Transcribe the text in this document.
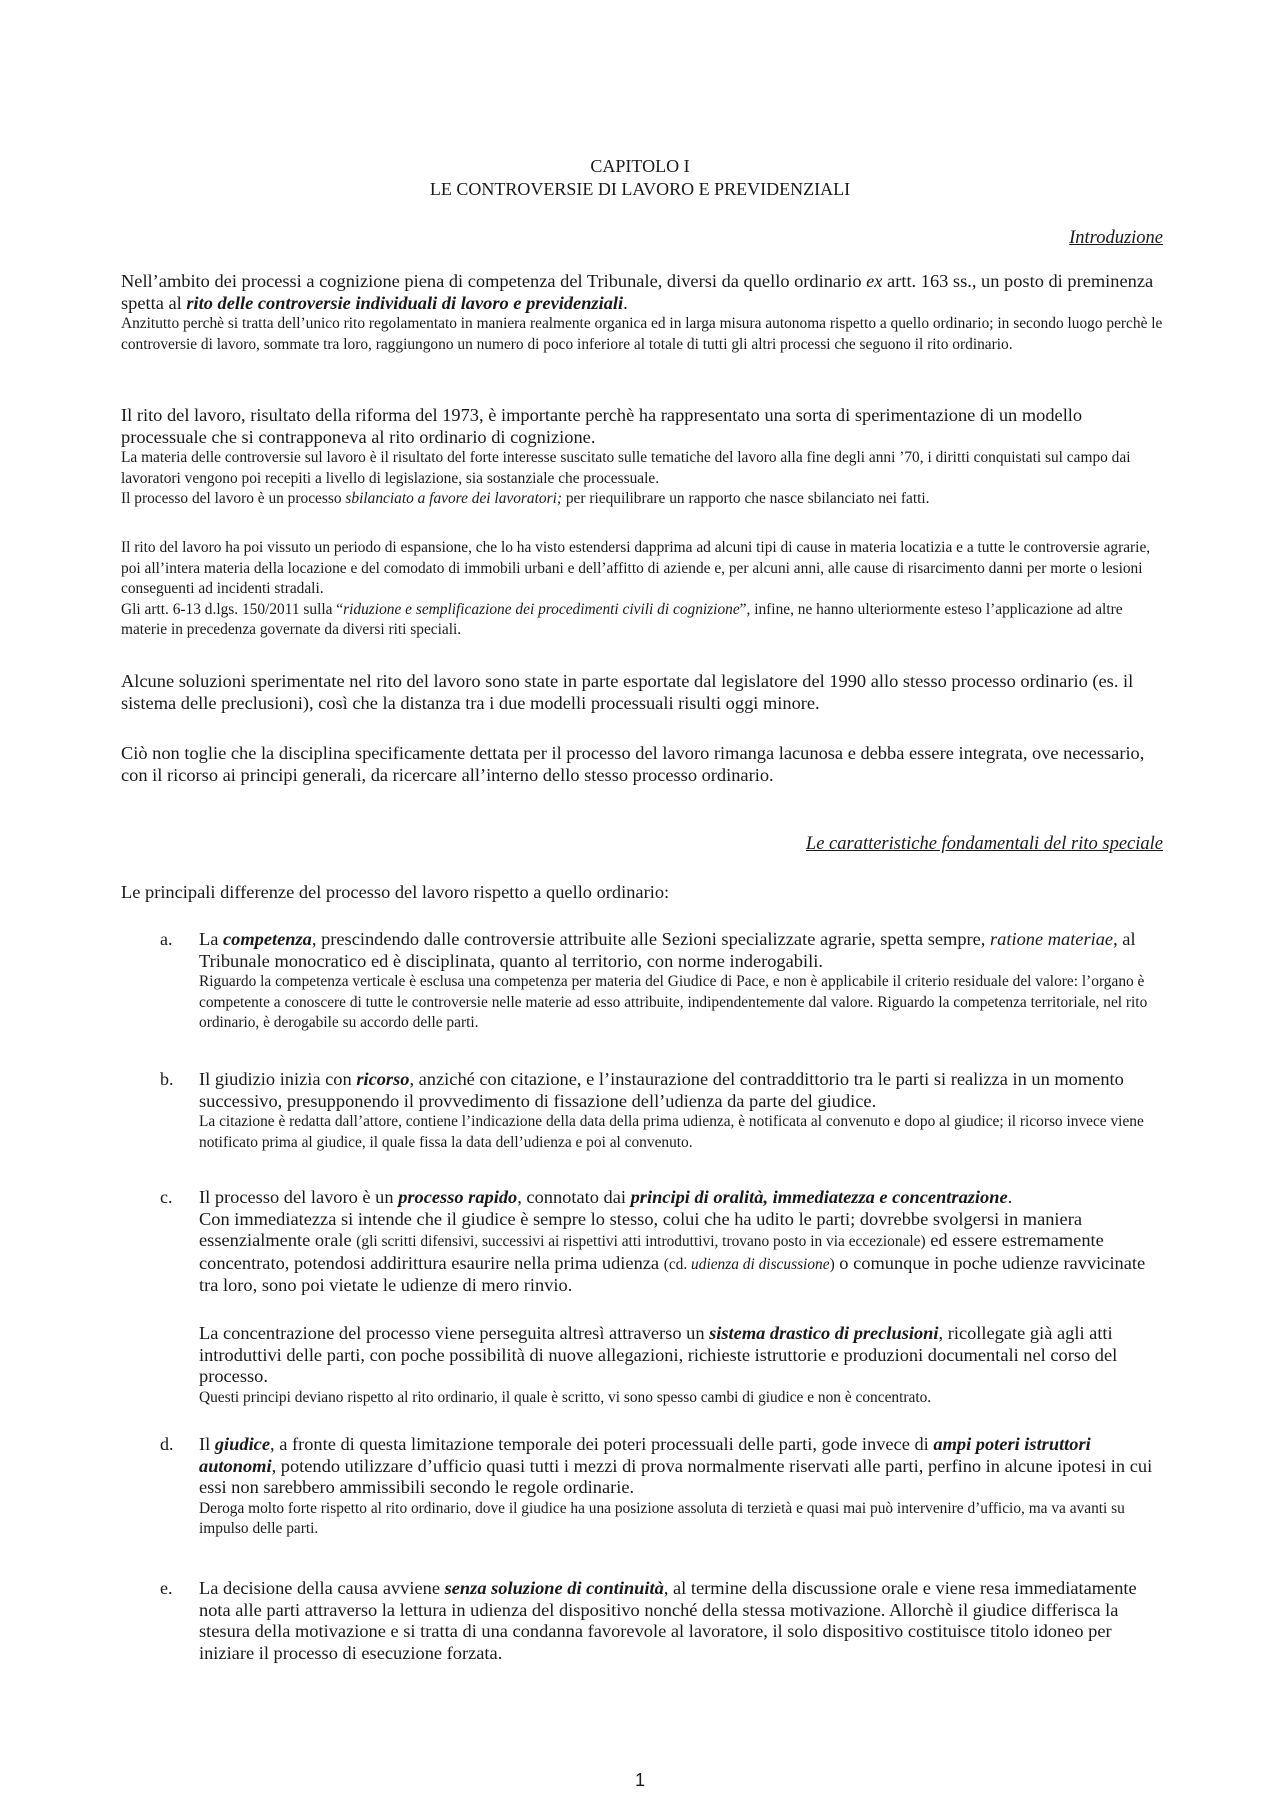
CAPITOLO I
LE CONTROVERSIE DI LAVORO E PREVIDENZIALI
Introduzione

Nell’ambito dei processi a cognizione piena di competenza del Tribunale, diversi da quello ordinario ex artt. 163 ss., un posto di preminenza spetta al rito delle controversie individuali di lavoro e previdenziali.
Anzitutto perchè si tratta dell’unico rito regolamentato in maniera realmente organica ed in larga misura autonoma rispetto a quello ordinario; in secondo luogo perchè le controversie di lavoro, sommate tra loro, raggiungono un numero di poco inferiore al totale di tutti gli altri processi che seguono il rito ordinario.

Il rito del lavoro, risultato della riforma del 1973, è importante perchè ha rappresentato una sorta di sperimentazione di un modello processuale che si contrapponeva al rito ordinario di cognizione.
La materia delle controversie sul lavoro è il risultato del forte interesse suscitato sulle tematiche del lavoro alla fine degli anni ’70, i diritti conquistati sul campo dai lavoratori vengono poi recepiti a livello di legislazione, sia sostanziale che processuale.
Il processo del lavoro è un processo sbilanciato a favore dei lavoratori; per riequilibrare un rapporto che nasce sbilanciato nei fatti.

Il rito del lavoro ha poi vissuto un periodo di espansione, che lo ha visto estendersi dapprima ad alcuni tipi di cause in materia locatizia e a tutte le controversie agrarie, poi all’intera materia della locazione e del comodato di immobili urbani e dell’affitto di aziende e, per alcuni anni, alle cause di risarcimento danni per morte o lesioni conseguenti ad incidenti stradali.
Gli artt. 6-13 d.lgs. 150/2011 sulla “riduzione e semplificazione dei procedimenti civili di cognizione”, infine, ne hanno ulteriormente esteso l’applicazione ad altre materie in precedenza governate da diversi riti speciali.

Alcune soluzioni sperimentate nel rito del lavoro sono state in parte esportate dal legislatore del 1990 allo stesso processo ordinario (es. il sistema delle preclusioni), così che la distanza tra i due modelli processuali risulti oggi minore.

Ciò non toglie che la disciplina specificamente dettata per il processo del lavoro rimanga lacunosa e debba essere integrata, ove necessario, con il ricorso ai principi generali, da ricercare all’interno dello stesso processo ordinario.

Le caratteristiche fondamentali del rito speciale

Le principali differenze del processo del lavoro rispetto a quello ordinario:

a. La competenza, prescindendo dalle controversie attribuite alle Sezioni specializzate agrarie, spetta sempre, ratione materiae, al Tribunale monocratico ed è disciplinata, quanto al territorio, con norme inderogabili.
Riguardo la competenza verticale è esclusa una competenza per materia del Giudice di Pace, e non è applicabile il criterio residuale del valore: l’organo è competente a conoscere di tutte le controversie nelle materie ad esso attribuite, indipendentemente dal valore. Riguardo la competenza territoriale, nel rito ordinario, è derogabile su accordo delle parti.

b. Il giudizio inizia con ricorso, anziché con citazione, e l’instaurazione del contraddittorio tra le parti si realizza in un momento successivo, presupponendo il provvedimento di fissazione dell’udienza da parte del giudice.
La citazione è redatta dall’attore, contiene l’indicazione della data della prima udienza, è notificata al convenuto e dopo al giudice; il ricorso invece viene notificato prima al giudice, il quale fissa la data dell’udienza e poi al convenuto.

c. Il processo del lavoro è un processo rapido, connotato dai principi di oralità, immediatezza e concentrazione.
Con immediatezza si intende che il giudice è sempre lo stesso, colui che ha udito le parti; dovrebbe svolgersi in maniera essenzialmente orale (gli scritti difensivi, successivi ai rispettivi atti introduttivi, trovano posto in via eccezionale) ed essere estremamente concentrato, potendosi addirittura esaurire nella prima udienza (cd. udienza di discussione) o comunque in poche udienze ravvicinate tra loro, sono poi vietate le udienze di mero rinvio.

La concentrazione del processo viene perseguita altresì attraverso un sistema drastico di preclusioni, ricollegate già agli atti introduttivi delle parti, con poche possibilità di nuove allegazioni, richieste istruttorie e produzioni documentali nel corso del processo.
Questi principi deviano rispetto al rito ordinario, il quale è scritto, vi sono spesso cambi di giudice e non è concentrato.

d. Il giudice, a fronte di questa limitazione temporale dei poteri processuali delle parti, gode invece di ampi poteri istruttori autonomi, potendo utilizzare d’ufficio quasi tutti i mezzi di prova normalmente riservati alle parti, perfino in alcune ipotesi in cui essi non sarebbero ammissibili secondo le regole ordinarie.
Deroga molto forte rispetto al rito ordinario, dove il giudice ha una posizione assoluta di terzietà e quasi mai può intervenire d’ufficio, ma va avanti su impulso delle parti.

e. La decisione della causa avviene senza soluzione di continuità, al termine della discussione orale e viene resa immediatamente nota alle parti attraverso la lettura in udienza del dispositivo nonché della stessa motivazione. Allorchè il giudice differisca la stesura della motivazione e si tratta di una condanna favorevole al lavoratore, il solo dispositivo costituisce titolo idoneo per iniziare il processo di esecuzione forzata.

1
